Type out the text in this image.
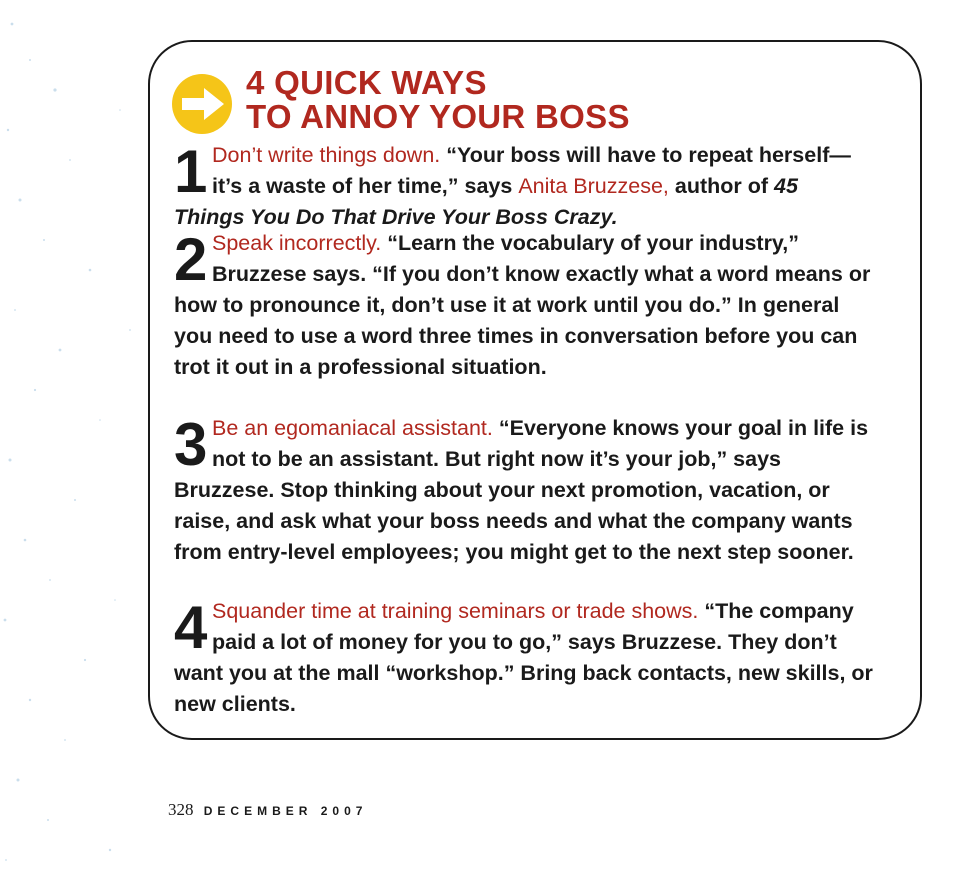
4 QUICK WAYS
TO ANNOY YOUR BOSS
1 Don’t write things down. “Your boss will have to repeat herself—it’s a waste of her time,” says Anita Bruzzese, author of 45 Things You Do That Drive Your Boss Crazy.
2 Speak incorrectly. “Learn the vocabulary of your industry,” Bruzzese says. “If you don’t know exactly what a word means or how to pronounce it, don’t use it at work until you do.” In general you need to use a word three times in conversation before you can trot it out in a professional situation.
3 Be an egomaniacal assistant. “Everyone knows your goal in life is not to be an assistant. But right now it’s your job,” says Bruzzese. Stop thinking about your next promotion, vacation, or raise, and ask what your boss needs and what the company wants from entry-level employees; you might get to the next step sooner.
4 Squander time at training seminars or trade shows. “The company paid a lot of money for you to go,” says Bruzzese. They don’t want you at the mall “workshop.” Bring back contacts, new skills, or new clients.

328 DECEMBER 2007
